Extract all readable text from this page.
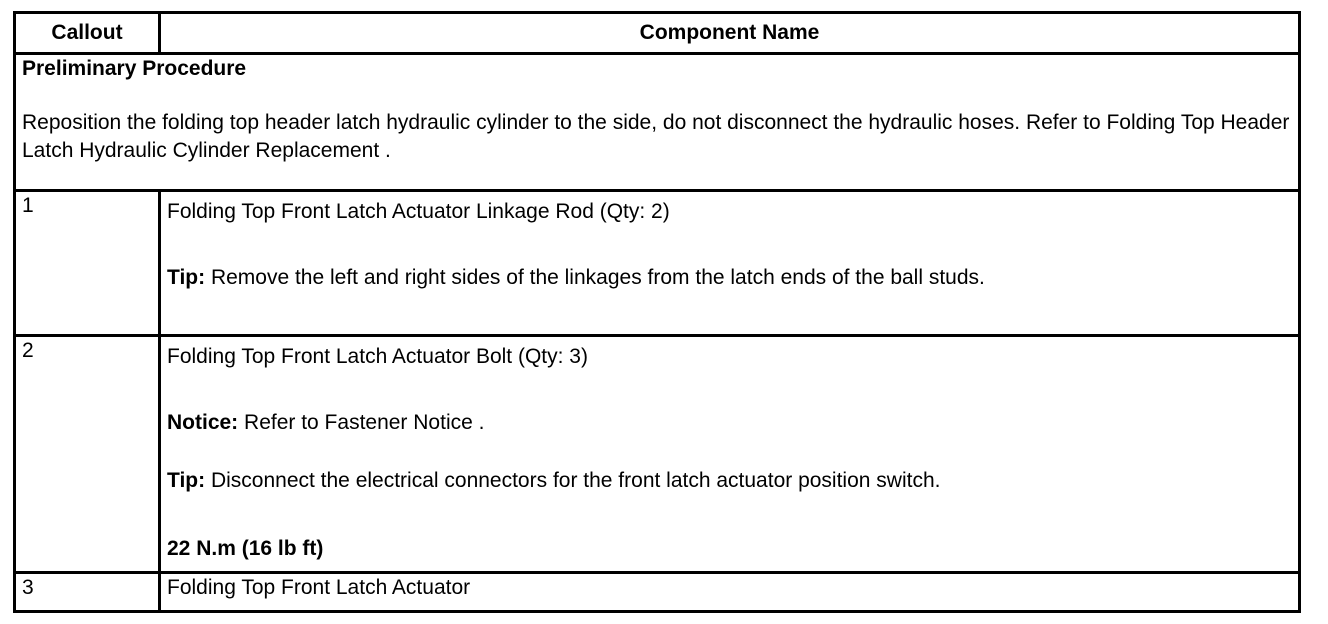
Callout	Component Name

Preliminary Procedure
Reposition the folding top header latch hydraulic cylinder to the side, do not disconnect the hydraulic hoses. Refer to Folding Top Header Latch Hydraulic Cylinder Replacement .	

1	Folding Top Front Latch Actuator Linkage Rod (Qty: 2)
Tip: Remove the left and right sides of the linkages from the latch ends of the ball studs.

2	Folding Top Front Latch Actuator Bolt (Qty: 3)
Notice: Refer to Fastener Notice .
Tip: Disconnect the electrical connectors for the front latch actuator position switch.
22 N.m (16 lb ft)

3	Folding Top Front Latch Actuator
